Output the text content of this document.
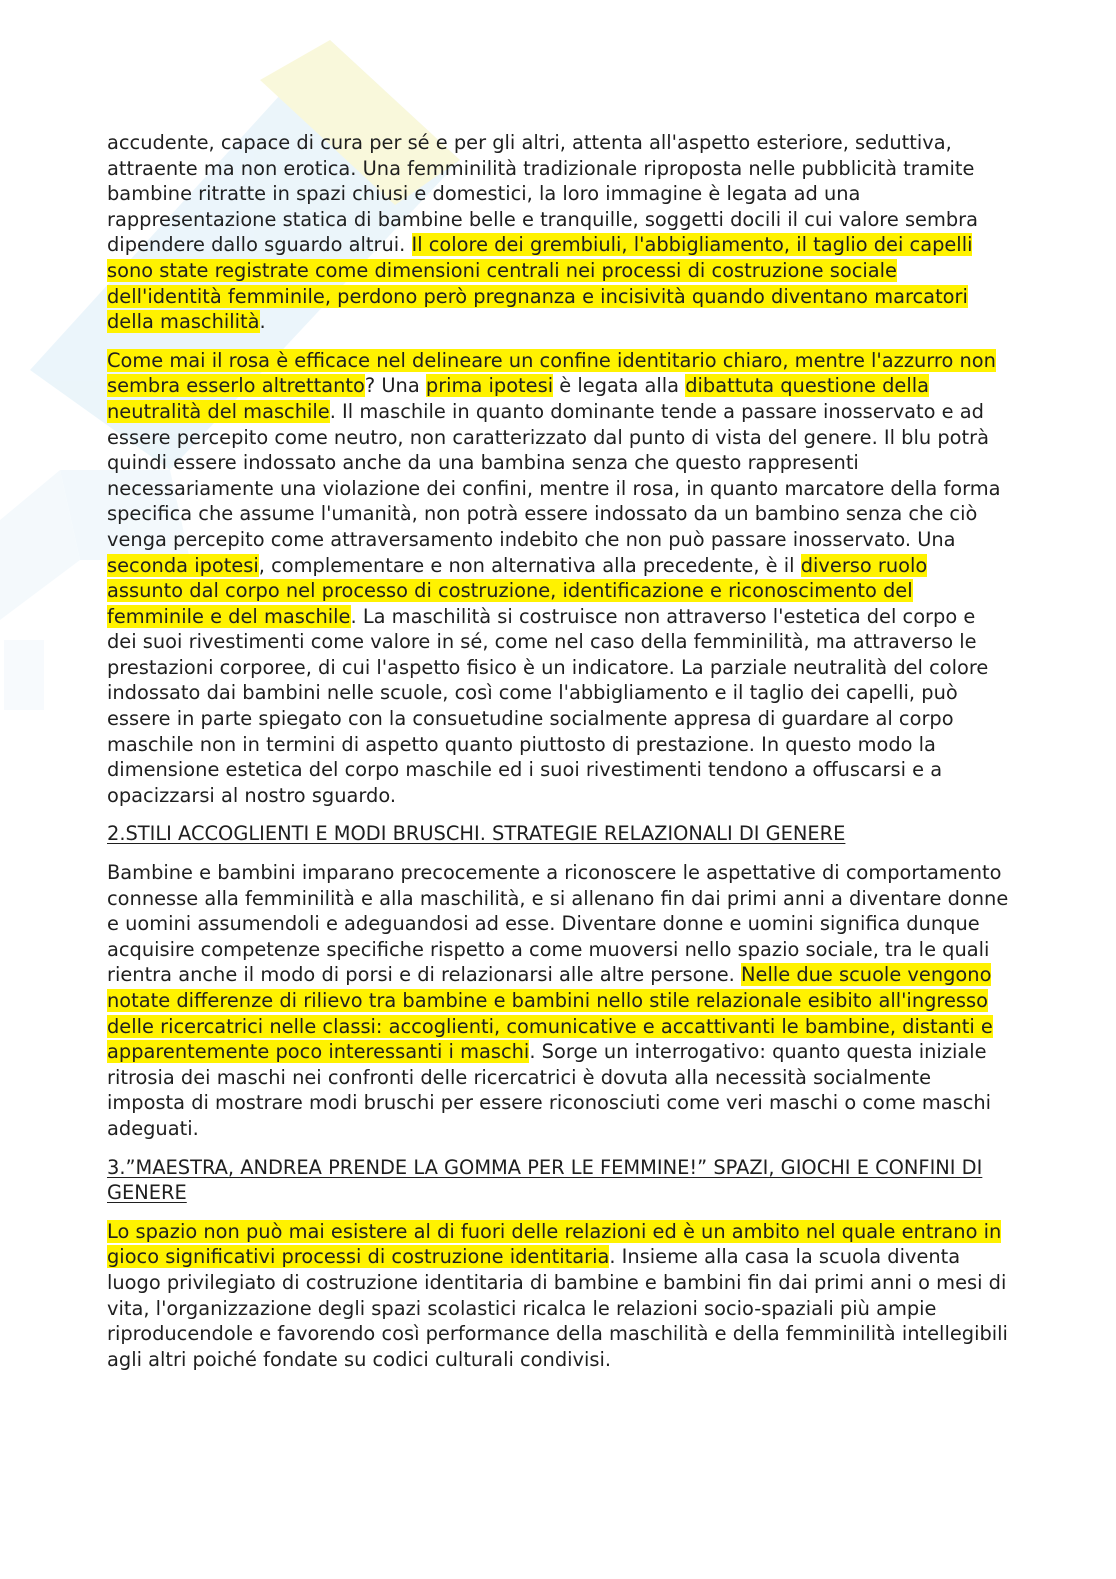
accudente, capace di cura per sé e per gli altri, attenta all'aspetto esteriore, seduttiva, attraente ma non erotica. Una femminilità tradizionale riproposta nelle pubblicità tramite bambine ritratte in spazi chiusi e domestici, la loro immagine è legata ad una rappresentazione statica di bambine belle e tranquille, soggetti docili il cui valore sembra dipendere dallo sguardo altrui. Il colore dei grembiuli, l'abbigliamento, il taglio dei capelli sono state registrate come dimensioni centrali nei processi di costruzione sociale dell'identità femminile, perdono però pregnanza e incisività quando diventano marcatori della maschilità.

Come mai il rosa è efficace nel delineare un confine identitario chiaro, mentre l'azzurro non sembra esserlo altrettanto? Una prima ipotesi è legata alla dibattuta questione della neutralità del maschile. Il maschile in quanto dominante tende a passare inosservato e ad essere percepito come neutro, non caratterizzato dal punto di vista del genere. Il blu potrà quindi essere indossato anche da una bambina senza che questo rappresenti necessariamente una violazione dei confini, mentre il rosa, in quanto marcatore della forma specifica che assume l'umanità, non potrà essere indossato da un bambino senza che ciò venga percepito come attraversamento indebito che non può passare inosservato. Una seconda ipotesi, complementare e non alternativa alla precedente, è il diverso ruolo assunto dal corpo nel processo di costruzione, identificazione e riconoscimento del femminile e del maschile. La maschilità si costruisce non attraverso l'estetica del corpo e dei suoi rivestimenti come valore in sé, come nel caso della femminilità, ma attraverso le prestazioni corporee, di cui l'aspetto fisico è un indicatore. La parziale neutralità del colore indossato dai bambini nelle scuole, così come l'abbigliamento e il taglio dei capelli, può essere in parte spiegato con la consuetudine socialmente appresa di guardare al corpo maschile non in termini di aspetto quanto piuttosto di prestazione. In questo modo la dimensione estetica del corpo maschile ed i suoi rivestimenti tendono a offuscarsi e a opacizzarsi al nostro sguardo.

2.STILI ACCOGLIENTI E MODI BRUSCHI. STRATEGIE RELAZIONALI DI GENERE

Bambine e bambini imparano precocemente a riconoscere le aspettative di comportamento connesse alla femminilità e alla maschilità, e si allenano fin dai primi anni a diventare donne e uomini assumendoli e adeguandosi ad esse. Diventare donne e uomini significa dunque acquisire competenze specifiche rispetto a come muoversi nello spazio sociale, tra le quali rientra anche il modo di porsi e di relazionarsi alle altre persone. Nelle due scuole vengono notate differenze di rilievo tra bambine e bambini nello stile relazionale esibito all'ingresso delle ricercatrici nelle classi: accoglienti, comunicative e accattivanti le bambine, distanti e apparentemente poco interessanti i maschi. Sorge un interrogativo: quanto questa iniziale ritrosia dei maschi nei confronti delle ricercatrici è dovuta alla necessità socialmente imposta di mostrare modi bruschi per essere riconosciuti come veri maschi o come maschi adeguati.

3.”MAESTRA, ANDREA PRENDE LA GOMMA PER LE FEMMINE!” SPAZI, GIOCHI E CONFINI DI GENERE

Lo spazio non può mai esistere al di fuori delle relazioni ed è un ambito nel quale entrano in gioco significativi processi di costruzione identitaria. Insieme alla casa la scuola diventa luogo privilegiato di costruzione identitaria di bambine e bambini fin dai primi anni o mesi di vita, l'organizzazione degli spazi scolastici ricalca le relazioni socio-spaziali più ampie riproducendole e favorendo così performance della maschilità e della femminilità intellegibili agli altri poiché fondate su codici culturali condivisi.
